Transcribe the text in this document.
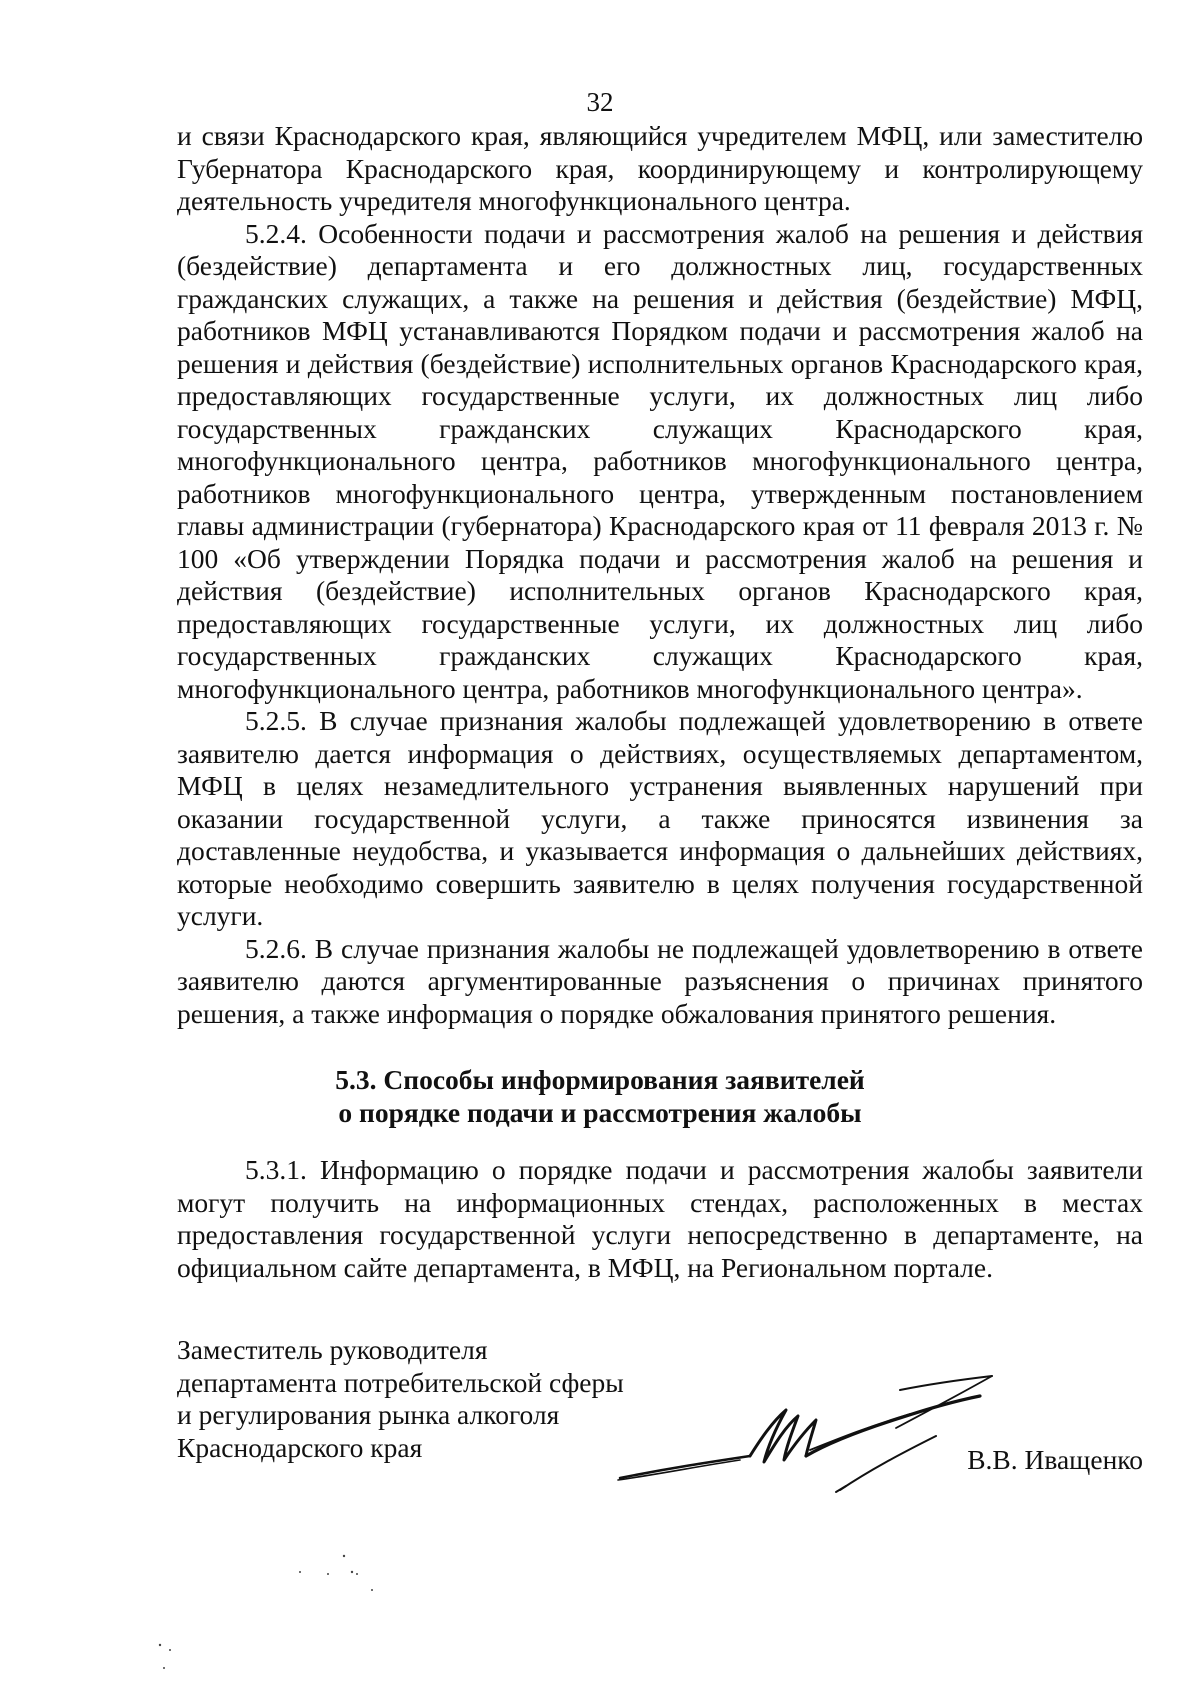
32

и связи Краснодарского края, являющийся учредителем МФЦ, или заместителю Губернатора Краснодарского края, координирующему и контролирующему деятельность учредителя многофункционального центра.

5.2.4. Особенности подачи и рассмотрения жалоб на решения и действия (бездействие) департамента и его должностных лиц, государственных гражданских служащих, а также на решения и действия (бездействие) МФЦ, работников МФЦ устанавливаются Порядком подачи и рассмотрения жалоб на решения и действия (бездействие) исполнительных органов Краснодарского края, предоставляющих государственные услуги, их должностных лиц либо государственных гражданских служащих Краснодарского края, многофункционального центра, работников многофункционального центра, работников многофункционального центра, утвержденным постановлением главы администрации (губернатора) Краснодарского края от 11 февраля 2013 г. № 100 «Об утверждении Порядка подачи и рассмотрения жалоб на решения и действия (бездействие) исполнительных органов Краснодарского края, предоставляющих государственные услуги, их должностных лиц либо государственных гражданских служащих Краснодарского края, многофункционального центра, работников многофункционального центра».

5.2.5. В случае признания жалобы подлежащей удовлетворению в ответе заявителю дается информация о действиях, осуществляемых департаментом, МФЦ в целях незамедлительного устранения выявленных нарушений при оказании государственной услуги, а также приносятся извинения за доставленные неудобства, и указывается информация о дальнейших действиях, которые необходимо совершить заявителю в целях получения государственной услуги.

5.2.6. В случае признания жалобы не подлежащей удовлетворению в ответе заявителю даются аргументированные разъяснения о причинах принятого решения, а также информация о порядке обжалования принятого решения.

5.3. Способы информирования заявителей
о порядке подачи и рассмотрения жалобы

5.3.1. Информацию о порядке подачи и рассмотрения жалобы заявители могут получить на информационных стендах, расположенных в местах предоставления государственной услуги непосредственно в департаменте, на официальном сайте департамента, в МФЦ, на Региональном портале.

Заместитель руководителя
департамента потребительской сферы
и регулирования рынка алкоголя
Краснодарского края	В.В. Иващенко
